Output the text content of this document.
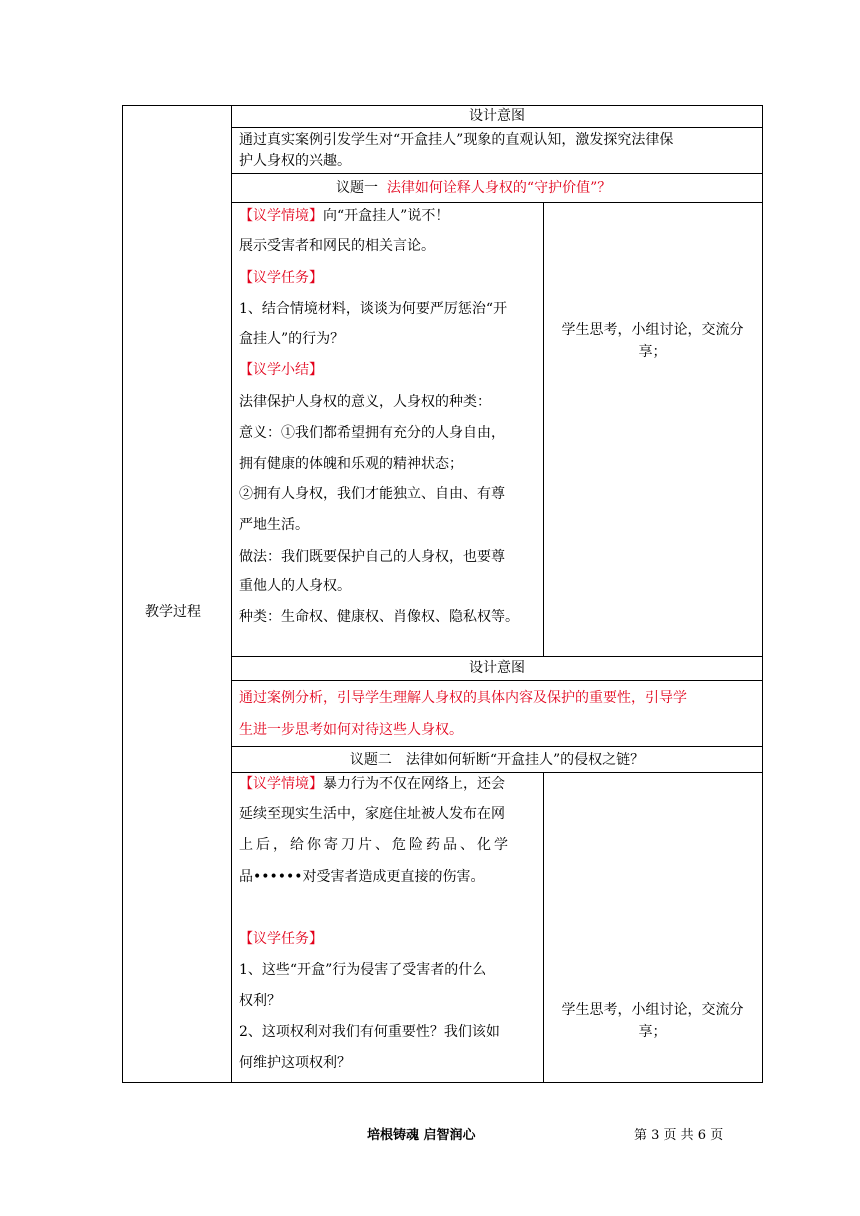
教学过程
设计意图
通过真实案例引发学生对“开盒挂人”现象的直观认知，激发探究法律保
护人身权的兴趣。
议题一 法律如何诠释人身权的“守护价值”？
【议学情境】向“开盒挂人”说不！
展示受害者和网民的相关言论。
【议学任务】
1、结合情境材料，谈谈为何要严厉惩治“开
盒挂人”的行为？
【议学小结】
法律保护人身权的意义，人身权的种类：
意义：①我们都希望拥有充分的人身自由，
拥有健康的体魄和乐观的精神状态；
②拥有人身权，我们才能独立、自由、有尊
严地生活。
做法：我们既要保护自己的人身权，也要尊
重他人的人身权。
种类：生命权、健康权、肖像权、隐私权等。
学生思考，小组讨论，交流分
享；
设计意图
通过案例分析，引导学生理解人身权的具体内容及保护的重要性，引导学
生进一步思考如何对待这些人身权。
议题二　法律如何斩断“开盒挂人”的侵权之链？
【议学情境】暴力行为不仅在网络上，还会
延续至现实生活中，家庭住址被人发布在网
上后，给你寄刀片、危险药品、化学
品••••••对受害者造成更直接的伤害。
【议学任务】
1、这些“开盒”行为侵害了受害者的什么
权利？
2、这项权利对我们有何重要性？我们该如
何维护这项权利？
学生思考，小组讨论，交流分
享；
培根铸魂 启智润心	第 3 页 共 6 页
